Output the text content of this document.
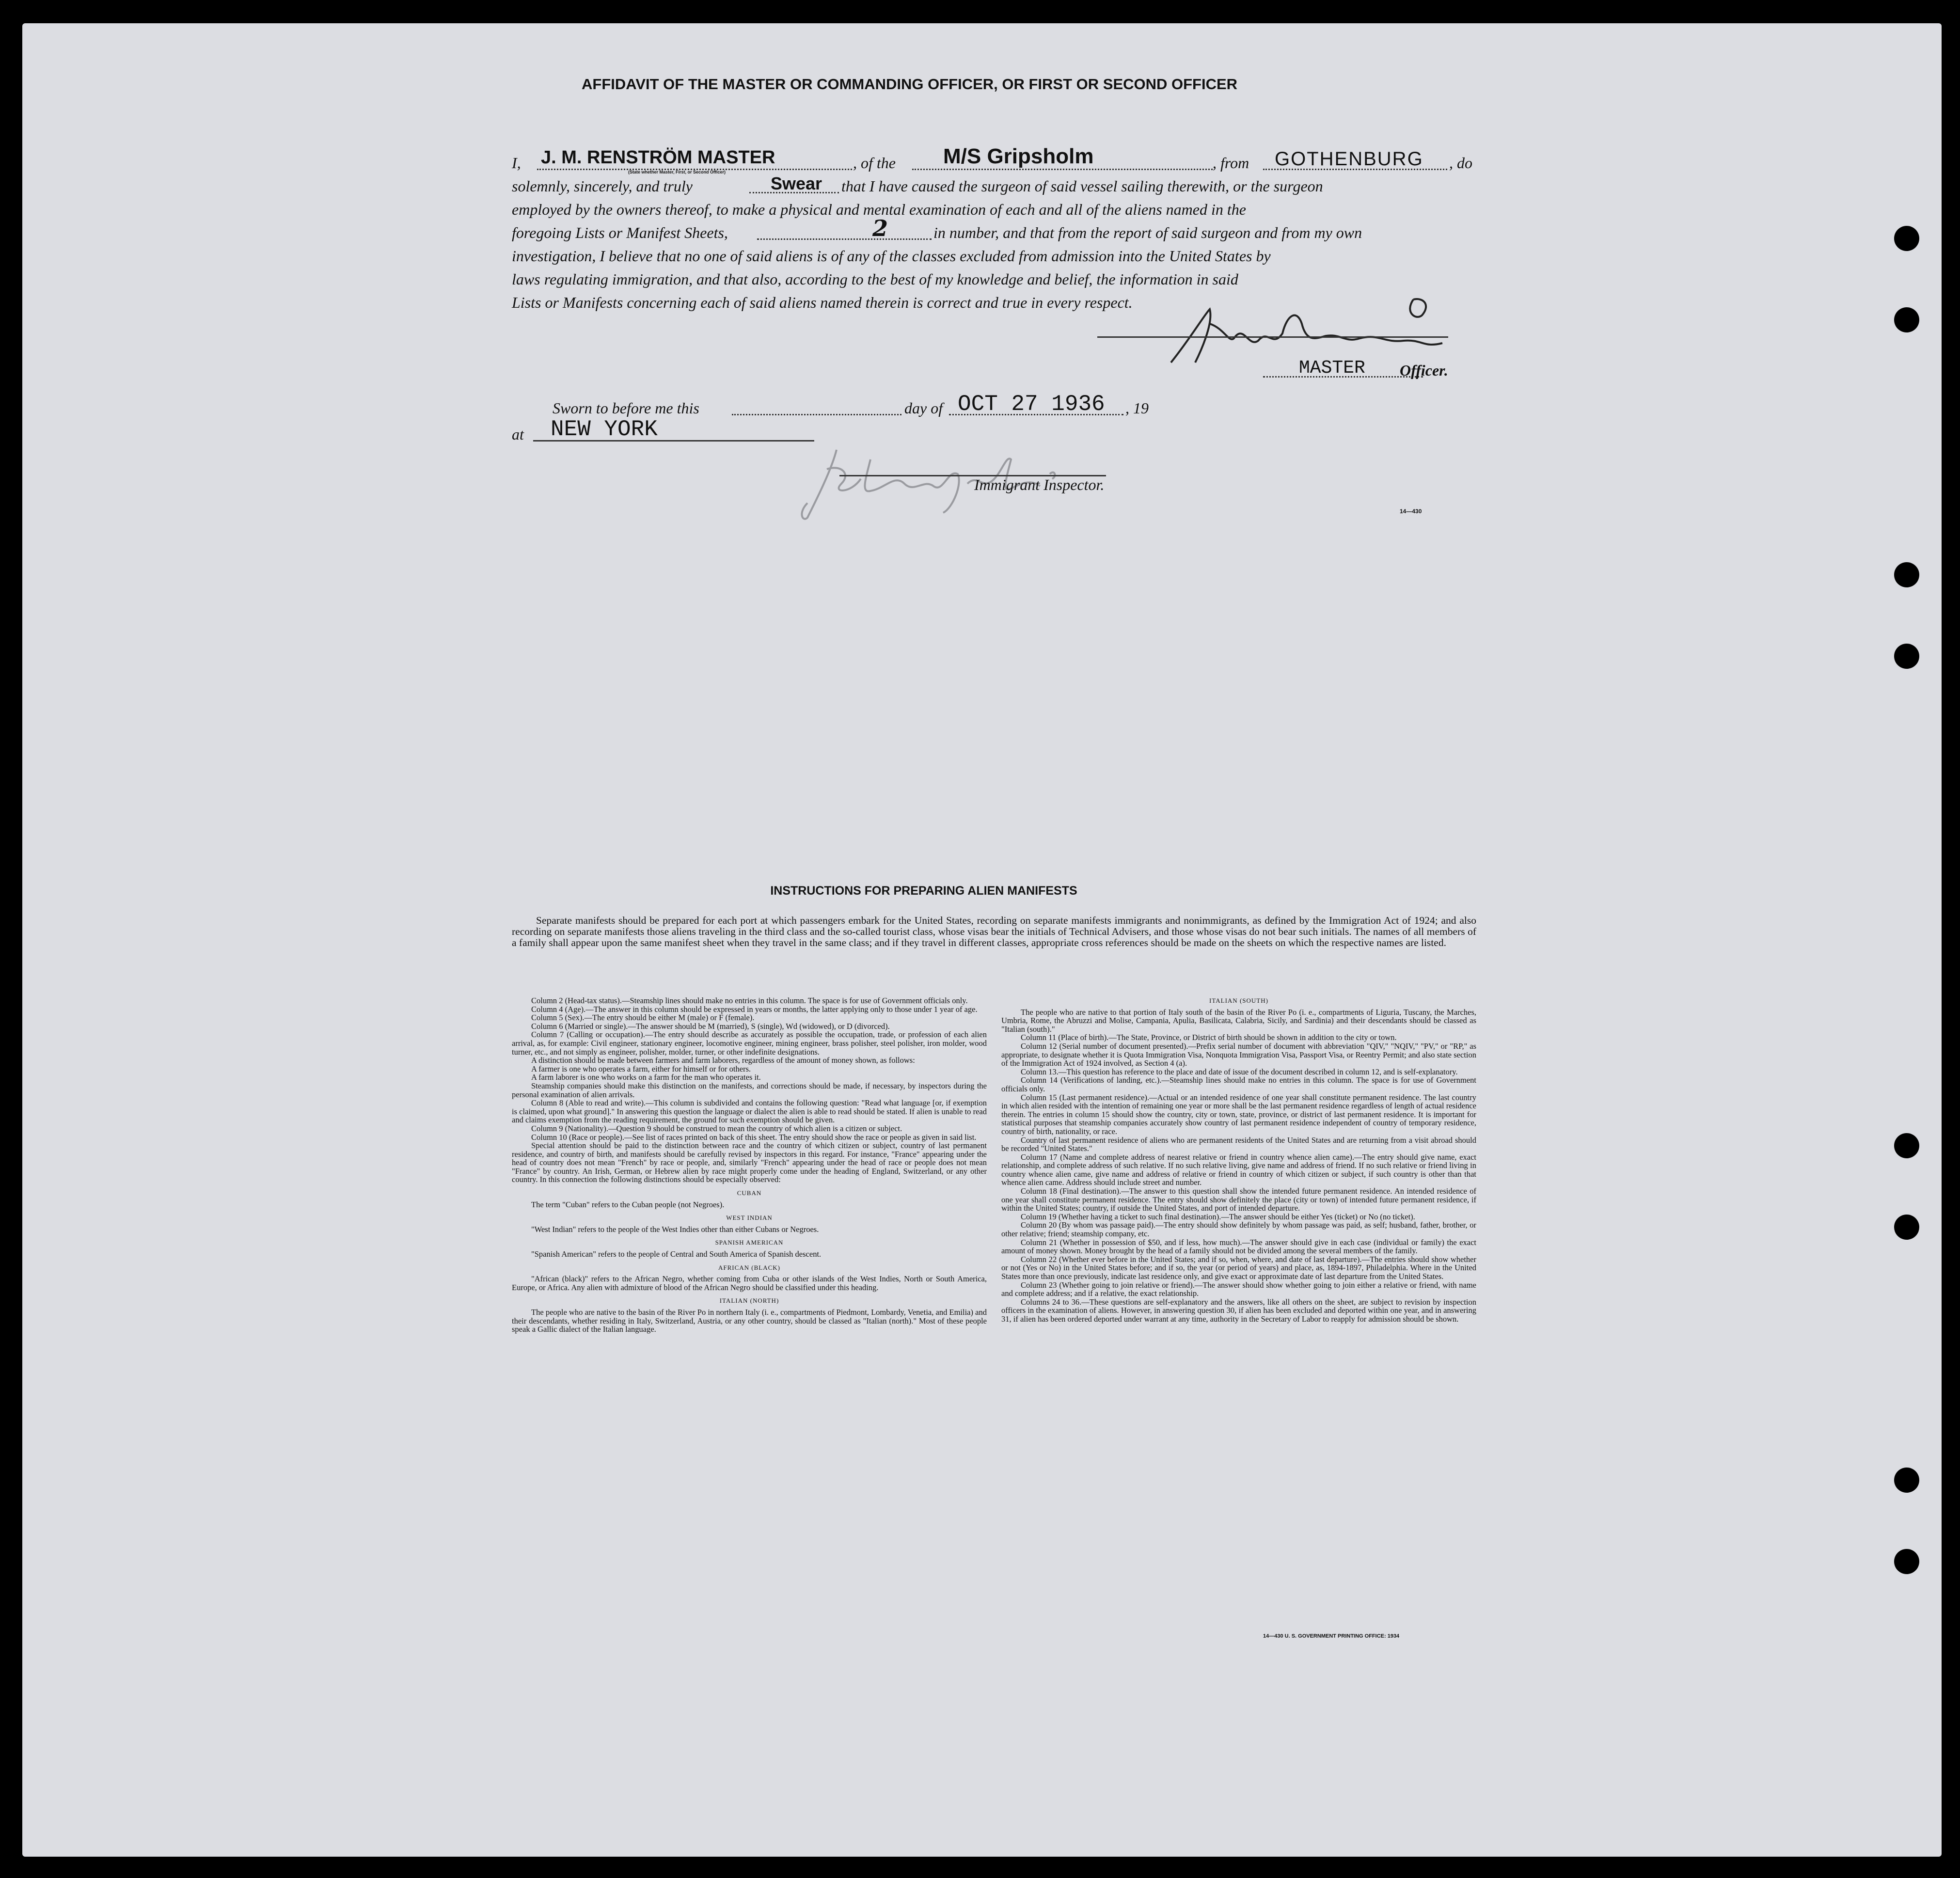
AFFIDAVIT OF THE MASTER OR COMMANDING OFFICER, OR FIRST OR SECOND OFFICER
I, J. M. RENSTRÖM MASTER	, of the M/S Gripsholm	, from GOTHENBURG , do
(State whether Master, First, or Second Officer)
solemnly, sincerely, and truly	Swear that I have caused the surgeon of said vessel sailing therewith, or the surgeon
employed by the owners thereof, to make a physical and mental examination of each and all of the aliens named in the
foregoing Lists or Manifest Sheets,	2	in number, and that from the report of said surgeon and from my own
investigation, I believe that no one of said aliens is of any of the classes excluded from admission into the United States by
laws regulating immigration, and that also, according to the best of my knowledge and belief, the information in said
Lists or Manifests concerning each of said aliens named therein is correct and true in every respect.
MASTER Officer.
Sworn to before me this	day of OCT 27 1936 , 19
at NEW YORK
Immigrant Inspector.
14—430
INSTRUCTIONS FOR PREPARING ALIEN MANIFESTS
Separate manifests should be prepared for each port at which passengers embark for the United States, recording on separate manifests immigrants and nonimmigrants, as defined by the Immigration Act of 1924; and also recording on separate manifests those aliens traveling in the third class and the so-called tourist class, whose visas bear the initials of Technical Advisers, and those whose visas do not bear such initials. The names of all members of a family shall appear upon the same manifest sheet when they travel in the same class; and if they travel in different classes, appropriate cross references should be made on the sheets on which the respective names are listed.

Column 2 (Head-tax status).—Steamship lines should make no entries in this column. The space is for use of Government officials only.

Column 4 (Age).—The answer in this column should be expressed in years or months, the latter applying only to those under 1 year of age.

Column 5 (Sex).—The entry should be either M (male) or F (female).

Column 6 (Married or single).—The answer should be M (married), S (single), Wd (widowed), or D (divorced).

Column 7 (Calling or occupation).—The entry should describe as accurately as possible the occupation, trade, or profession of each alien arrival, as, for example: Civil engineer, stationary engineer, locomotive engineer, mining engineer, brass polisher, steel polisher, iron molder, wood turner, etc., and not simply as engineer, polisher, molder, turner, or other indefinite designations.

A distinction should be made between farmers and farm laborers, regardless of the amount of money shown, as follows:

A farmer is one who operates a farm, either for himself or for others.

A farm laborer is one who works on a farm for the man who operates it.

Steamship companies should make this distinction on the manifests, and corrections should be made, if necessary, by inspectors during the personal examination of alien arrivals.

Column 8 (Able to read and write).—This column is subdivided and contains the following question: "Read what language [or, if exemption is claimed, upon what ground]." In answering this question the language or dialect the alien is able to read should be stated. If alien is unable to read and claims exemption from the reading requirement, the ground for such exemption should be given.

Column 9 (Nationality).—Question 9 should be construed to mean the country of which alien is a citizen or subject.

Column 10 (Race or people).—See list of races printed on back of this sheet. The entry should show the race or people as given in said list.

Special attention should be paid to the distinction between race and the country of which citizen or subject, country of last permanent residence, and country of birth, and manifests should be carefully revised by inspectors in this regard. For instance, "France" appearing under the head of country does not mean "French" by race or people, and, similarly "French" appearing under the head of race or people does not mean "France" by country. An Irish, German, or Hebrew alien by race might properly come under the heading of England, Switzerland, or any other country. In this connection the following distinctions should be especially observed:

CUBAN

The term "Cuban" refers to the Cuban people (not Negroes).

WEST INDIAN

"West Indian" refers to the people of the West Indies other than either Cubans or Negroes.

SPANISH AMERICAN

"Spanish American" refers to the people of Central and South America of Spanish descent.

AFRICAN (BLACK)

"African (black)" refers to the African Negro, whether coming from Cuba or other islands of the West Indies, North or South America, Europe, or Africa. Any alien with admixture of blood of the African Negro should be classified under this heading.

ITALIAN (NORTH)

The people who are native to the basin of the River Po in northern Italy (i. e., compartments of Piedmont, Lombardy, Venetia, and Emilia) and their descendants, whether residing in Italy, Switzerland, Austria, or any other country, should be classed as "Italian (north)." Most of these people speak a Gallic dialect of the Italian language.

ITALIAN (SOUTH)

The people who are native to that portion of Italy south of the basin of the River Po (i. e., compartments of Liguria, Tuscany, the Marches, Umbria, Rome, the Abruzzi and Molise, Campania, Apulia, Basilicata, Calabria, Sicily, and Sardinia) and their descendants should be classed as "Italian (south)."

Column 11 (Place of birth).—The State, Province, or District of birth should be shown in addition to the city or town.

Column 12 (Serial number of document presented).—Prefix serial number of document with abbreviation "QIV," "NQIV," "PV," or "RP," as appropriate, to designate whether it is Quota Immigration Visa, Nonquota Immigration Visa, Passport Visa, or Reentry Permit; and also state section of the Immigration Act of 1924 involved, as Section 4 (a).

Column 13.—This question has reference to the place and date of issue of the document described in column 12, and is self-explanatory.

Column 14 (Verifications of landing, etc.).—Steamship lines should make no entries in this column. The space is for use of Government officials only.

Column 15 (Last permanent residence).—Actual or an intended residence of one year shall constitute permanent residence. The last country in which alien resided with the intention of remaining one year or more shall be the last permanent residence regardless of length of actual residence therein. The entries in column 15 should show the country, city or town, state, province, or district of last permanent residence. It is important for statistical purposes that steamship companies accurately show country of last permanent residence independent of country of temporary residence, country of birth, nationality, or race.

Country of last permanent residence of aliens who are permanent residents of the United States and are returning from a visit abroad should be recorded "United States."

Column 17 (Name and complete address of nearest relative or friend in country whence alien came).—The entry should give name, exact relationship, and complete address of such relative. If no such relative living, give name and address of friend. If no such relative or friend living in country whence alien came, give name and address of relative or friend in country of which citizen or subject, if such country is other than that whence alien came. Address should include street and number.

Column 18 (Final destination).—The answer to this question shall show the intended future permanent residence. An intended residence of one year shall constitute permanent residence. The entry should show definitely the place (city or town) of intended future permanent residence, if within the United States; country, if outside the United States, and port of intended departure.

Column 19 (Whether having a ticket to such final destination).—The answer should be either Yes (ticket) or No (no ticket).

Column 20 (By whom was passage paid).—The entry should show definitely by whom passage was paid, as self; husband, father, brother, or other relative; friend; steamship company, etc.

Column 21 (Whether in possession of $50, and if less, how much).—The answer should give in each case (individual or family) the exact amount of money shown. Money brought by the head of a family should not be divided among the several members of the family.

Column 22 (Whether ever before in the United States; and if so, when, where, and date of last departure).—The entries should show whether or not (Yes or No) in the United States before; and if so, the year (or period of years) and place, as, 1894-1897, Philadelphia. Where in the United States more than once previously, indicate last residence only, and give exact or approximate date of last departure from the United States.

Column 23 (Whether going to join relative or friend).—The answer should show whether going to join either a relative or friend, with name and complete address; and if a relative, the exact relationship.

Columns 24 to 36.—These questions are self-explanatory and the answers, like all others on the sheet, are subject to revision by inspection officers in the examination of aliens. However, in answering question 30, if alien has been excluded and deported within one year, and in answering 31, if alien has been ordered deported under warrant at any time, authority in the Secretary of Labor to reapply for admission should be shown.

14—430 U. S. GOVERNMENT PRINTING OFFICE: 1934
